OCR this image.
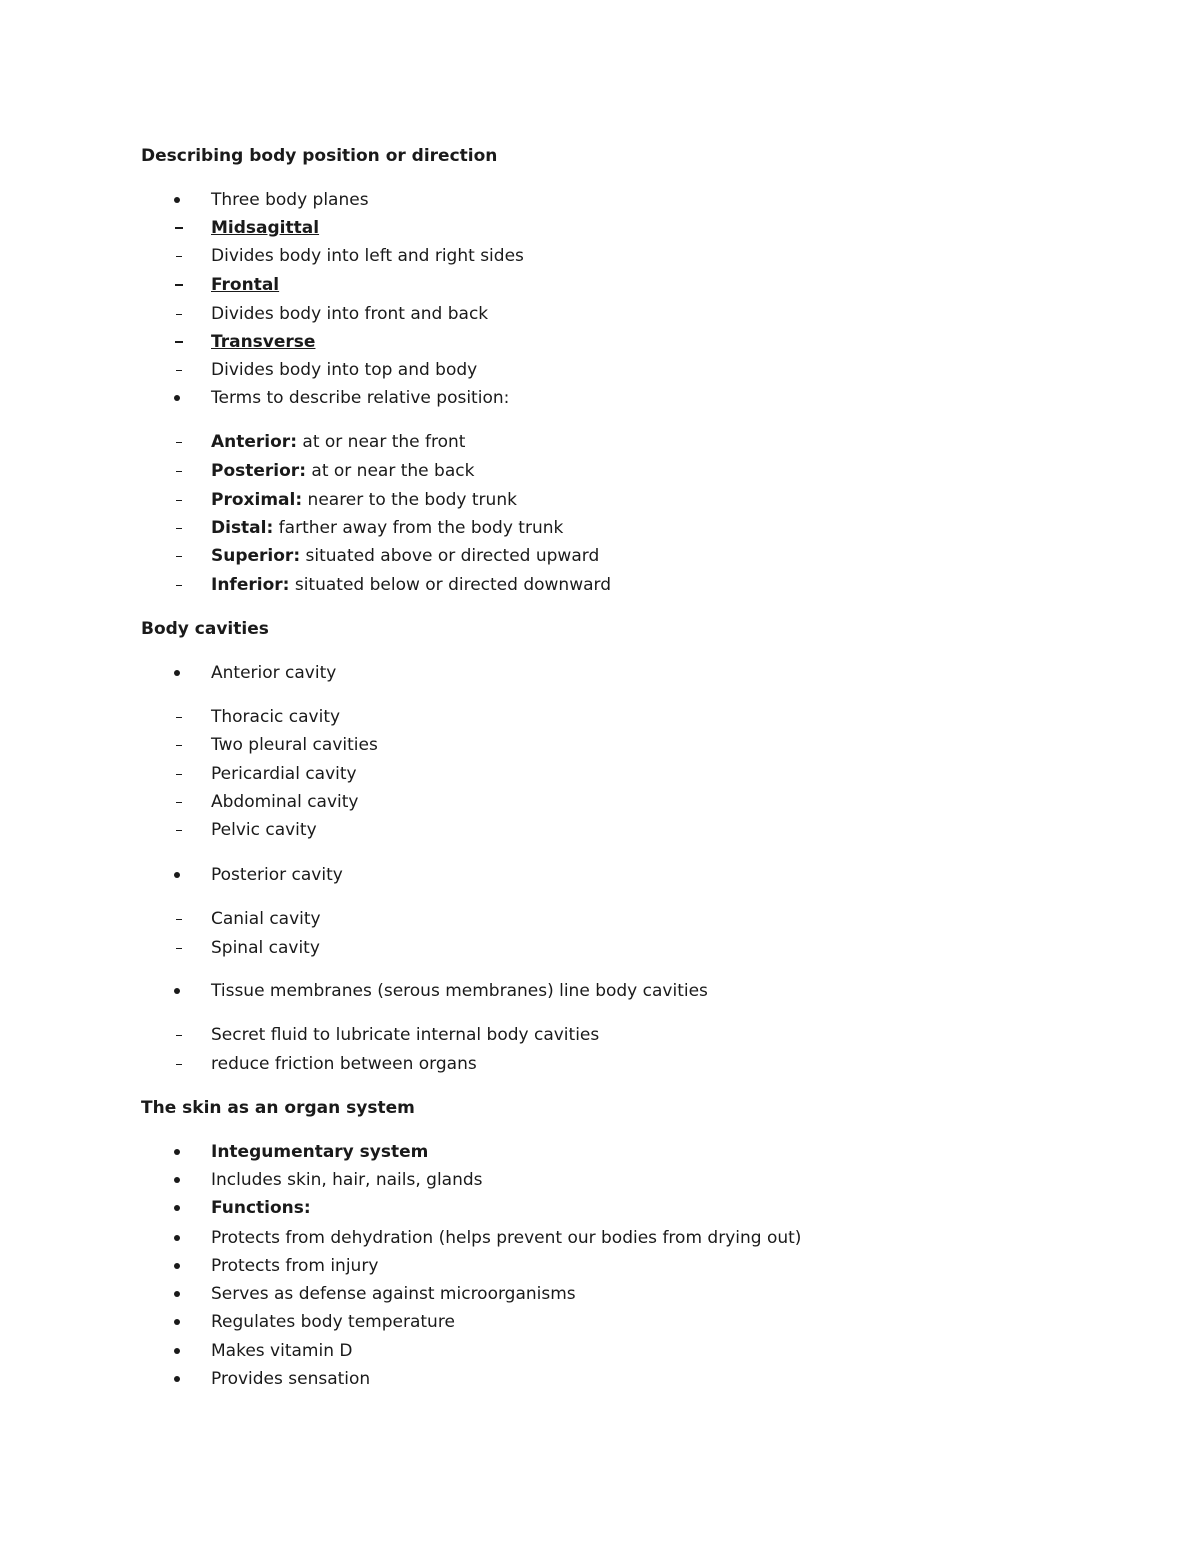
Describing body position or direction
Three body planes
Midsagittal
Divides body into left and right sides
Frontal
Divides body into front and back
Transverse
Divides body into top and body
Terms to describe relative position:
Anterior: at or near the front
Posterior: at or near the back
Proximal: nearer to the body trunk
Distal: farther away from the body trunk
Superior: situated above or directed upward
Inferior: situated below or directed downward
Body cavities
Anterior cavity
Thoracic cavity
Two pleural cavities
Pericardial cavity
Abdominal cavity
Pelvic cavity
Posterior cavity
Canial cavity
Spinal cavity
Tissue membranes (serous membranes) line body cavities
Secret fluid to lubricate internal body cavities
reduce friction between organs
The skin as an organ system
Integumentary system
Includes skin, hair, nails, glands
Functions:
Protects from dehydration (helps prevent our bodies from drying out)
Protects from injury
Serves as defense against microorganisms
Regulates body temperature
Makes vitamin D
Provides sensation
